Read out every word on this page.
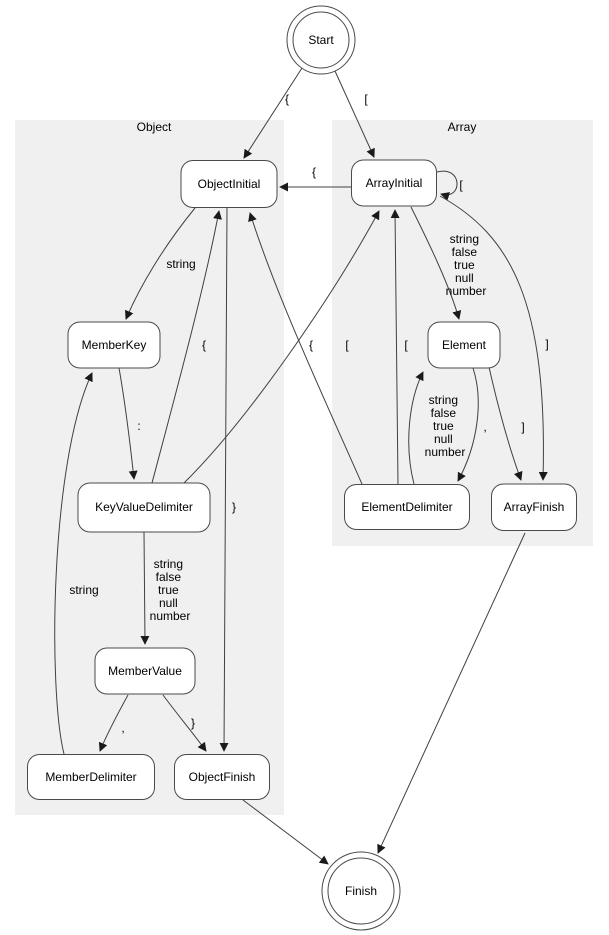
Object	Array
{	[
{
[
string
}
string false true null number
]
:
{	[
string false true null number
,	]
string false true null number
{	[
,	}
string
Start
ObjectInitial	ArrayInitial
MemberKey	Element
KeyValueDelimiter	ElementDelimiter	ArrayFinish
MemberValue
MemberDelimiter	ObjectFinish
Finish
